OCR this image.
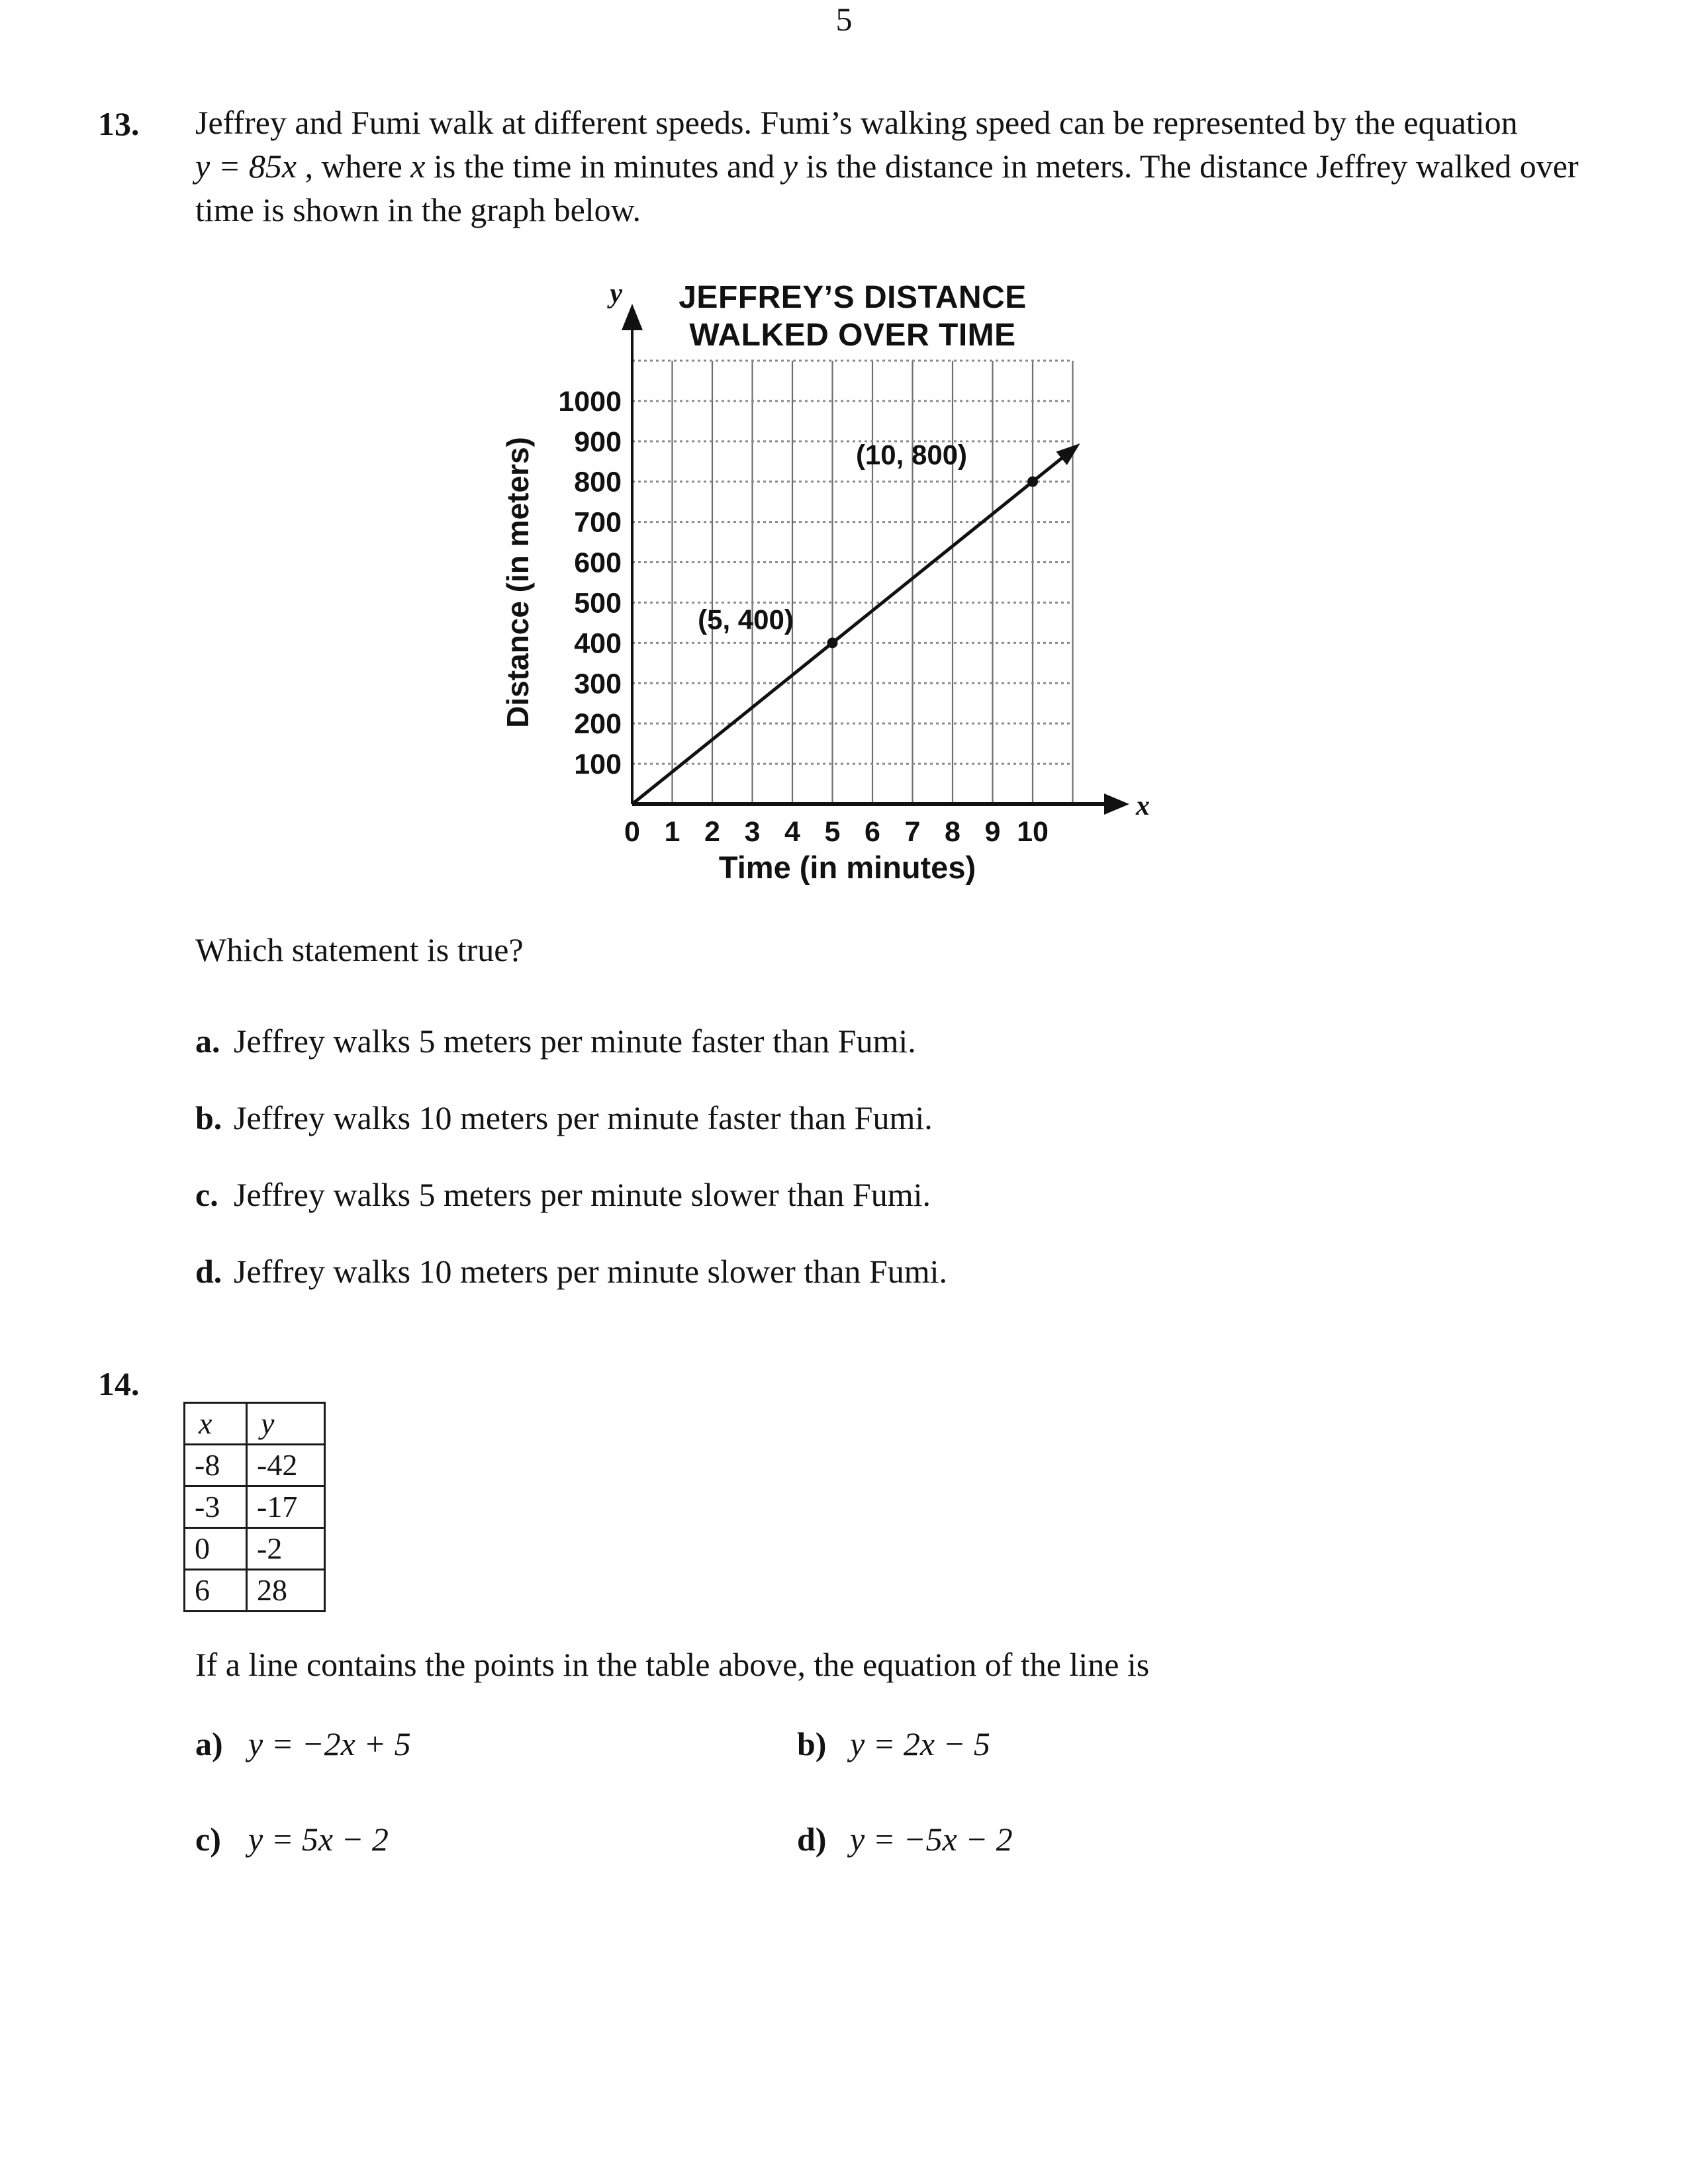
13. Jeffrey and Fumi walk at different speeds. Fumi’s walking speed can be represented by the equation
y = 85x , where x is the time in minutes and y is the distance in meters. The distance Jeffrey walked over
time is shown in the graph below.
y
x
JEFFREY’S DISTANCE
WALKED OVER TIME
100
200
300
400
500
600
700
800
900
1000
0 1 2 3 4 5 6 7 8 9 10
Distance (in meters)
Time (in minutes)
(5, 400)
(10, 800)
Which statement is true?
a. Jeffrey walks 5 meters per minute faster than Fumi.
b. Jeffrey walks 10 meters per minute faster than Fumi.
c. Jeffrey walks 5 meters per minute slower than Fumi.
d. Jeffrey walks 10 meters per minute slower than Fumi.
14.
x	y
-8	-42
-3	-17
0	-2
6	28
If a line contains the points in the table above, the equation of the line is
a) y = −2x + 5	b) y = 2x − 5
c) y = 5x − 2	d) y = −5x − 2
5
